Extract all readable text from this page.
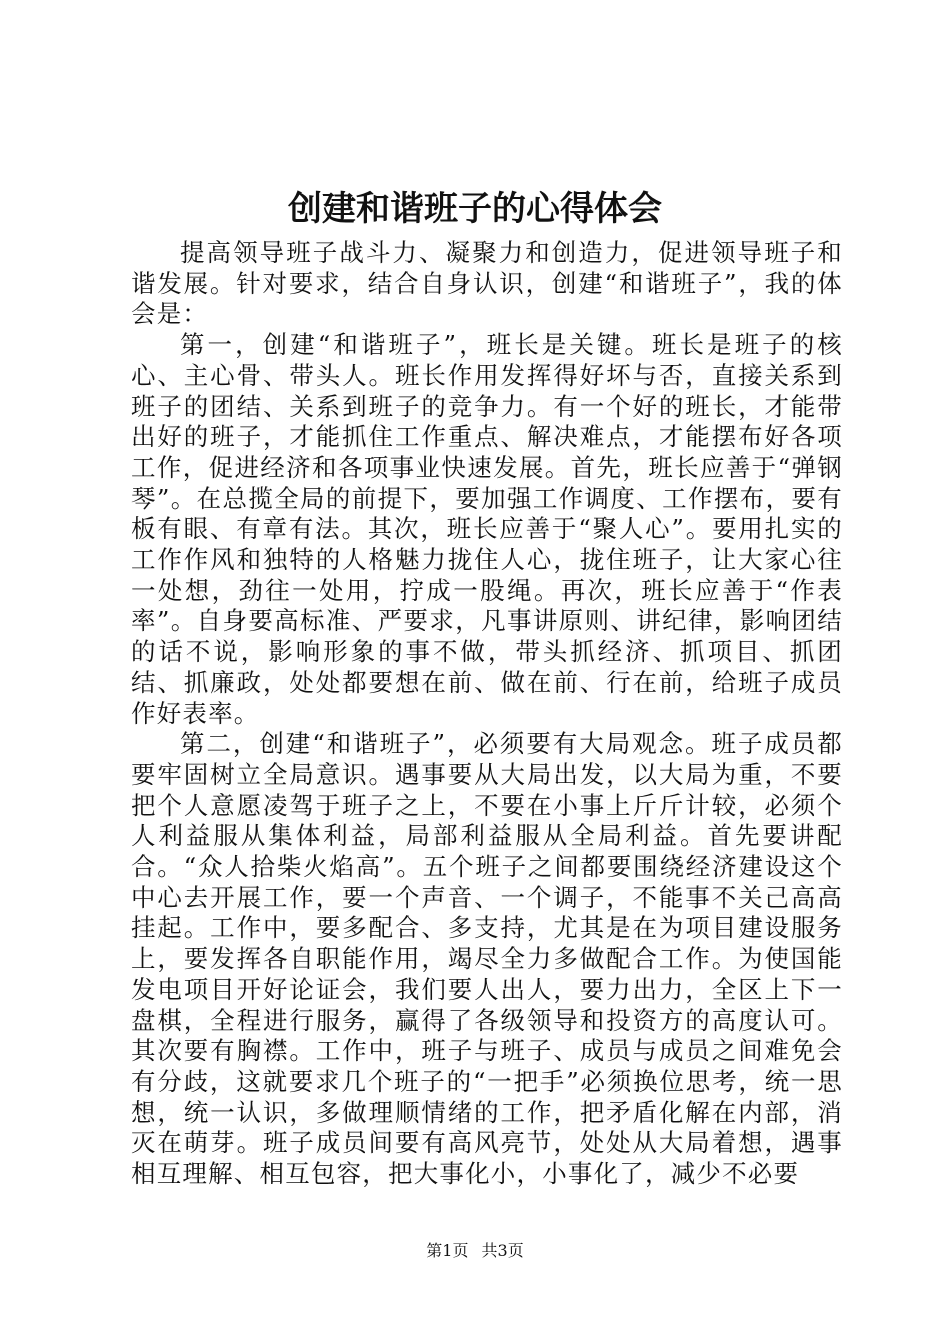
创建和谐班子的心得体会

提高领导班子战斗力、凝聚力和创造力，促进领导班子和谐发展。针对要求，结合自身认识，创建“和谐班子”，我的体会是：

第一，创建“和谐班子”，班长是关键。班长是班子的核心、主心骨、带头人。班长作用发挥得好坏与否，直接关系到班子的团结、关系到班子的竞争力。有一个好的班长，才能带出好的班子，才能抓住工作重点、解决难点，才能摆布好各项工作，促进经济和各项事业快速发展。首先，班长应善于“弹钢琴”。在总揽全局的前提下，要加强工作调度、工作摆布，要有板有眼、有章有法。其次，班长应善于“聚人心”。要用扎实的工作作风和独特的人格魅力拢住人心，拢住班子，让大家心往一处想，劲往一处用，拧成一股绳。再次，班长应善于“作表率”。自身要高标准、严要求，凡事讲原则、讲纪律，影响团结的话不说，影响形象的事不做，带头抓经济、抓项目、抓团结、抓廉政，处处都要想在前、做在前、行在前，给班子成员作好表率。

第二，创建“和谐班子”，必须要有大局观念。班子成员都要牢固树立全局意识。遇事要从大局出发，以大局为重，不要把个人意愿凌驾于班子之上，不要在小事上斤斤计较，必须个人利益服从集体利益，局部利益服从全局利益。首先要讲配合。“众人拾柴火焰高”。五个班子之间都要围绕经济建设这个中心去开展工作，要一个声音、一个调子，不能事不关己高高挂起。工作中，要多配合、多支持，尤其是在为项目建设服务上，要发挥各自职能作用，竭尽全力多做配合工作。为使国能发电项目开好论证会，我们要人出人，要力出力，全区上下一盘棋，全程进行服务，赢得了各级领导和投资方的高度认可。其次要有胸襟。工作中，班子与班子、成员与成员之间难免会有分歧，这就要求几个班子的“一把手”必须换位思考，统一思想，统一认识，多做理顺情绪的工作，把矛盾化解在内部，消灭在萌芽。班子成员间要有高风亮节，处处从大局着想，遇事相互理解、相互包容，把大事化小，小事化了，减少不必要

第1页 共3页
